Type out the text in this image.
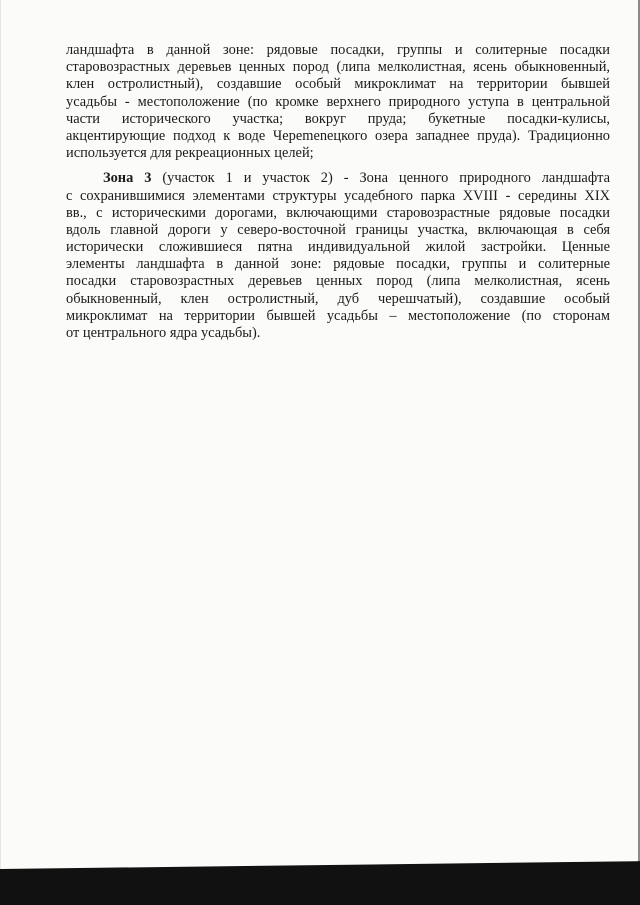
ландшафта в данной зоне: рядовые посадки, группы и солитерные посадки
старовозрастных деревьев ценных пород (липа мелколистная, ясень обыкновенный,
клен остролистный), создавшие особый микроклимат на территории бывшей
усадьбы - местоположение (по кромке верхнего природного уступа в центральной
части исторического участка; вокруг пруда; букетные посадки-кулисы,
акцентирующие подход к воде Черemenецкого озера западнее пруда). Традиционно
используется для рекреационных целей;
Зона 3 (участок 1 и участок 2) - Зона ценного природного ландшафта
с сохранившимися элементами структуры усадебного парка XVIII - середины XIX
вв., с историческими дорогами, включающими старовозрастные рядовые посадки
вдоль главной дороги у северо-восточной границы участка, включающая в себя
исторически сложившиеся пятна индивидуальной жилой застройки. Ценные
элементы ландшафта в данной зоне: рядовые посадки, группы и солитерные
посадки старовозрастных деревьев ценных пород (липа мелколистная, ясень
обыкновенный, клен остролистный, дуб черешчатый), создавшие особый
микроклимат на территории бывшей усадьбы – местоположение (по сторонам
от центрального ядра усадьбы).
